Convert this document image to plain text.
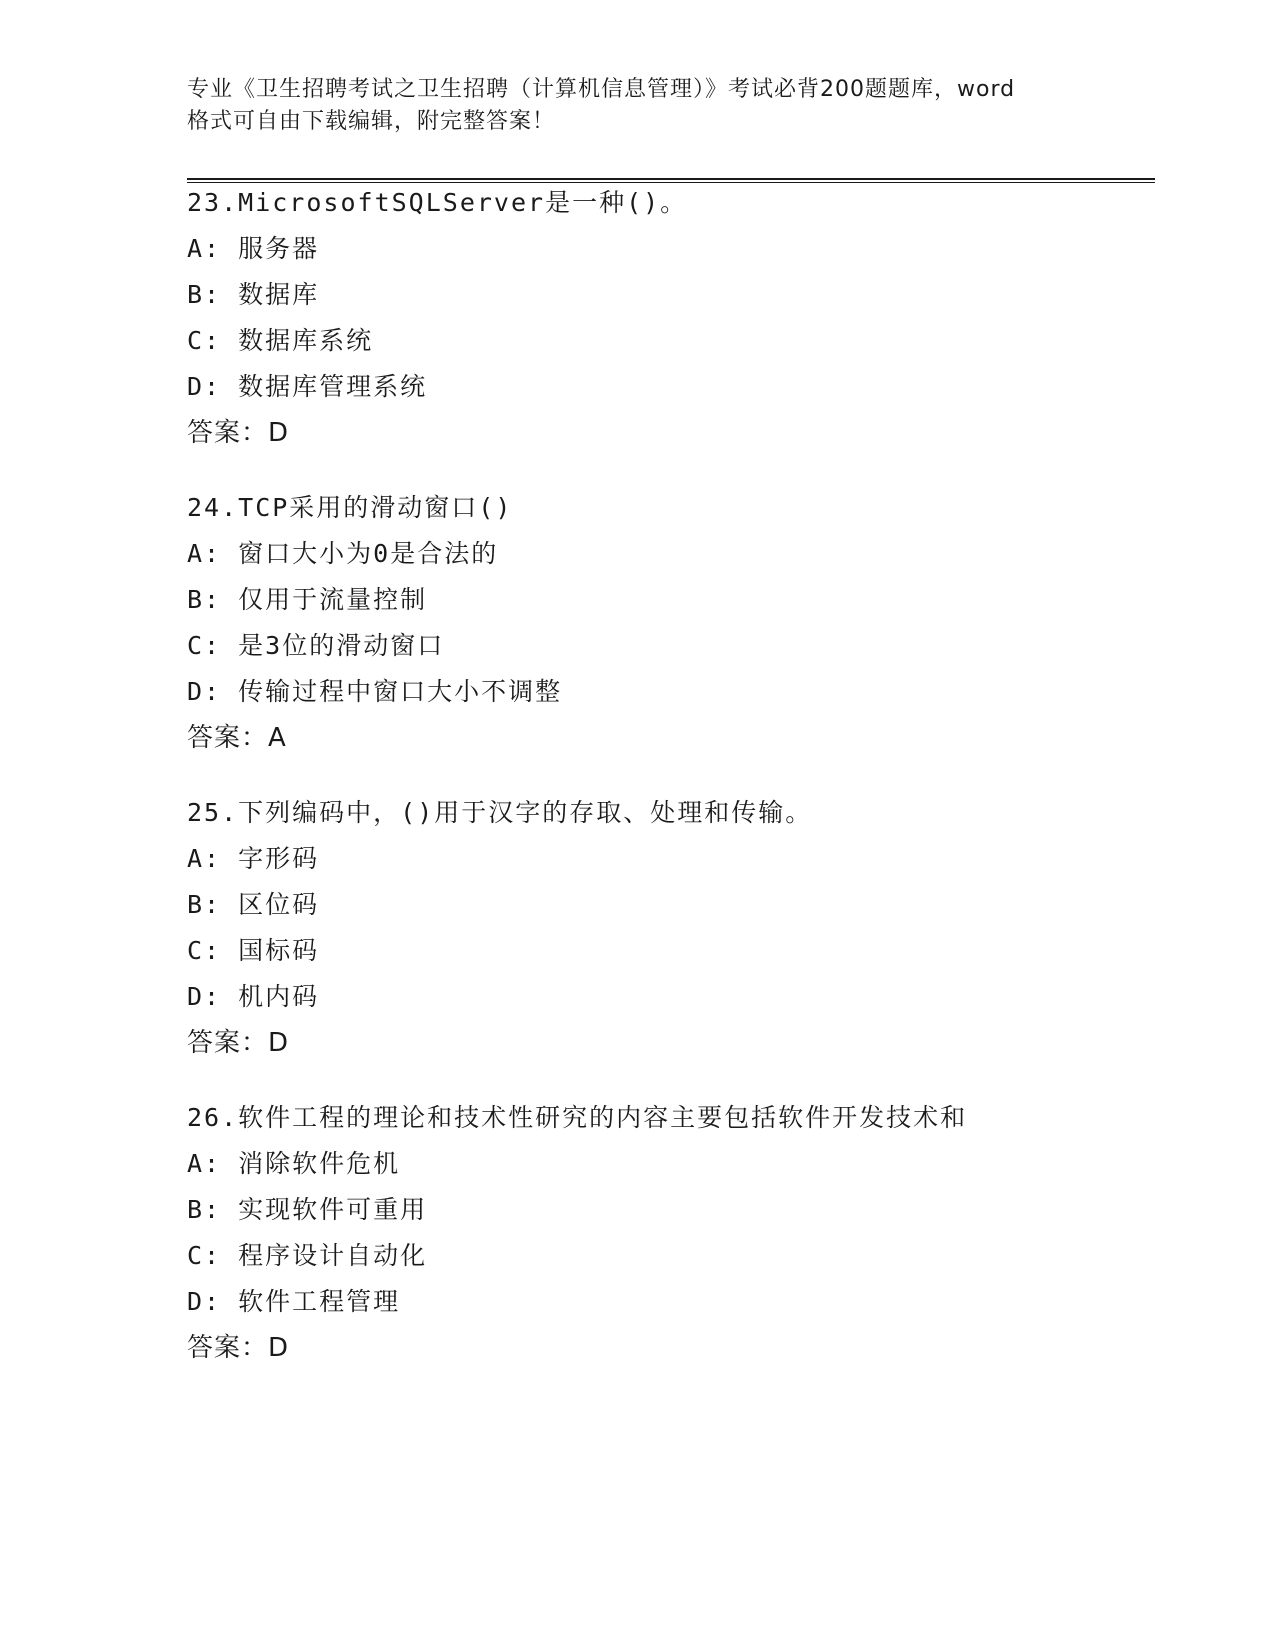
专业《卫生招聘考试之卫生招聘（计算机信息管理）》考试必背200题题库，word
格式可自由下载编辑，附完整答案！
23.MicrosoftSQLServer是一种()。
A: 服务器
B: 数据库
C: 数据库系统
D: 数据库管理系统
答案：D
24.TCP采用的滑动窗口()
A: 窗口大小为0是合法的
B: 仅用于流量控制
C: 是3位的滑动窗口
D: 传输过程中窗口大小不调整
答案：A
25.下列编码中，()用于汉字的存取、处理和传输。
A: 字形码
B: 区位码
C: 国标码
D: 机内码
答案：D
26.软件工程的理论和技术性研究的内容主要包括软件开发技术和
A: 消除软件危机
B: 实现软件可重用
C: 程序设计自动化
D: 软件工程管理
答案：D
